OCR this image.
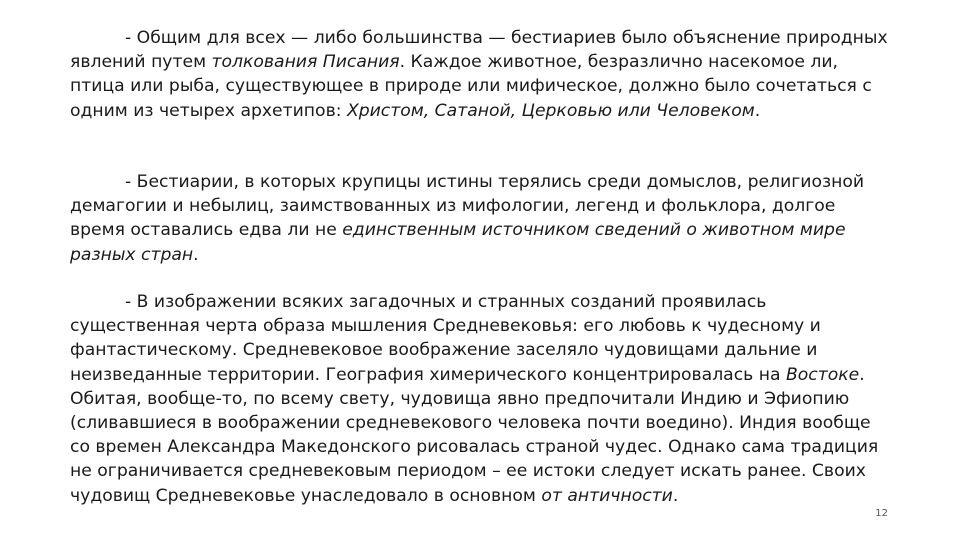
- Общим для всех — либо большинства — бестиариев было объяснение природных явлений путем толкования Писания. Каждое животное, безразлично насекомое ли, птица или рыба, существующее в природе или мифическое, должно было сочетаться с одним из четырех архетипов: Христом, Сатаной, Церковью или Человеком.

- Бестиарии, в которых крупицы истины терялись среди домыслов, религиозной демагогии и небылиц, заимствованных из мифологии, легенд и фольклора, долгое время оставались едва ли не единственным источником сведений о животном мире разных стран.

- В изображении всяких загадочных и странных созданий проявилась существенная черта образа мышления Средневековья: его любовь к чудесному и фантастическому. Средневековое воображение заселяло чудовищами дальние и неизведанные территории. География химерического концентрировалась на Востоке. Обитая, вообще-то, по всему свету, чудовища явно предпочитали Индию и Эфиопию (сливавшиеся в воображении средневекового человека почти воедино). Индия вообще со времен Александра Македонского рисовалась страной чудес. Однако сама традиция не ограничивается средневековым периодом – ее истоки следует искать ранее. Своих чудовищ Средневековье унаследовало в основном от античности.

12
